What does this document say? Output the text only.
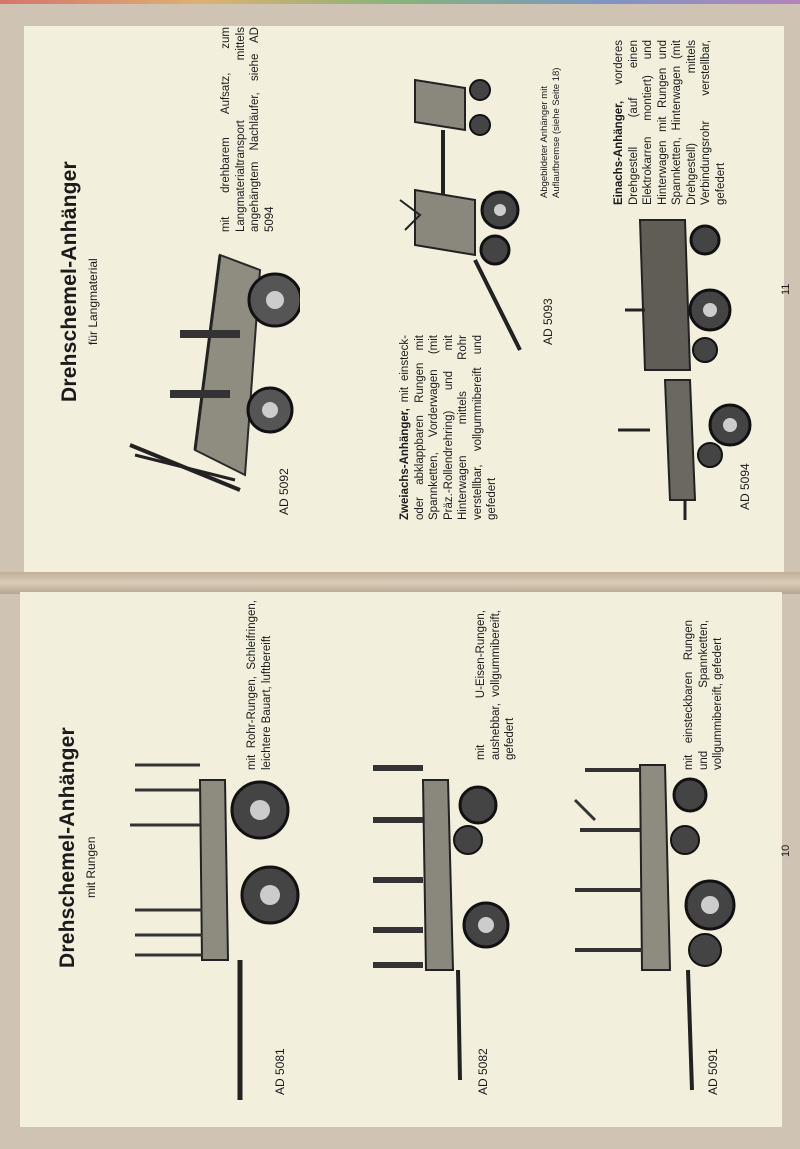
Drehschemel-Anhänger für Langmaterial
AD 5092
mit drehbarem Aufsatz, zum Langmaterialtransport mittels angehängtem Nachläufer, siehe AD 5094
AD 5093
Abgebildeter Anhänger mit Auflaufbremse (siehe Seite 18)
Zweiachs-Anhänger, mit einsteck- oder abklappbaren Rungen mit Spannketten, Vorderwagen (mit Präz.-Rollendrehring) und mit Hinterwagen mittels Rohr verstellbar, vollgummibereift und gefedert	AD 5094
Einachs-Anhänger, vorderes Drehgestell (auf einen Elektrokarren montiert) und Hinterwagen mit Rungen und Spannketten, Hinterwagen (mit Drehgestell) mittels Verbindungsrohr verstellbar, gefedert
11
Drehschemel-Anhänger mit Rungen
AD 5081
mit Rohr-Rungen, Schleifringen, leichtere Bauart, luftbereift
AD 5082
mit U-Eisen-Rungen, aushebbar, vollgummibereift, gefedert
AD 5091
mit einsteckbaren Rungen und Spannketten, vollgummibereift, gefedert
10
